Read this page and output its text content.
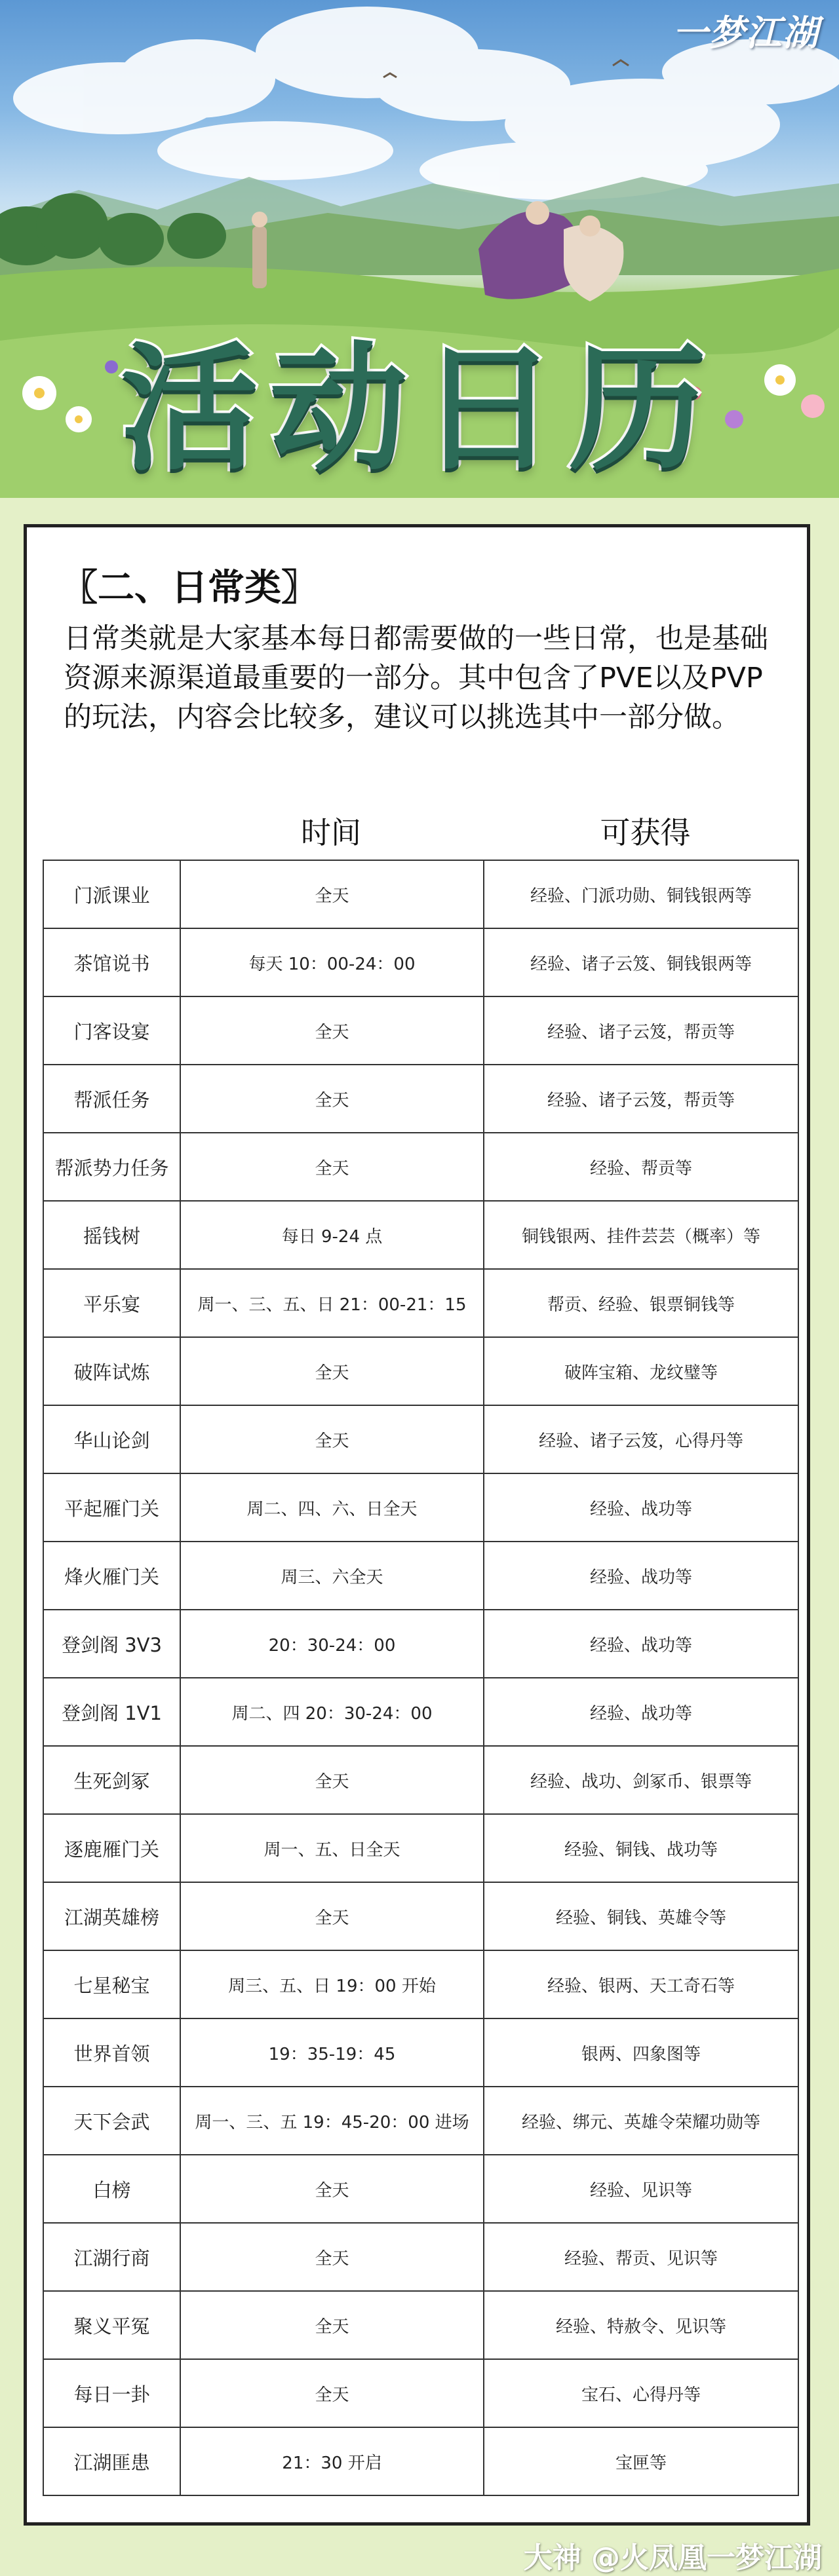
一梦江湖
活动日历
〖二、日常类〗
日常类就是大家基本每日都需要做的一些日常，也是基础资源来源渠道最重要的一部分。其中包含了PVE以及PVP的玩法，内容会比较多，建议可以挑选其中一部分做。
时间	可获得
门派课业	全天	经验、门派功勋、铜钱银两等
茶馆说书	每天 10：00-24：00	经验、诸子云笈、铜钱银两等
门客设宴	全天	经验、诸子云笈，帮贡等
帮派任务	全天	经验、诸子云笈，帮贡等
帮派势力任务	全天	经验、帮贡等
摇钱树	每日 9-24 点	铜钱银两、挂件芸芸（概率）等
平乐宴	周一、三、五、日 21：00-21：15	帮贡、经验、银票铜钱等
破阵试炼	全天	破阵宝箱、龙纹璧等
华山论剑	全天	经验、诸子云笈，心得丹等
平起雁门关	周二、四、六、日全天	经验、战功等
烽火雁门关	周三、六全天	经验、战功等
登剑阁 3V3	20：30-24：00	经验、战功等
登剑阁 1V1	周二、四 20：30-24：00	经验、战功等
生死剑冢	全天	经验、战功、剑冢币、银票等
逐鹿雁门关	周一、五、日全天	经验、铜钱、战功等
江湖英雄榜	全天	经验、铜钱、英雄令等
七星秘宝	周三、五、日 19：00 开始	经验、银两、天工奇石等
世界首领	19：35-19：45	银两、四象图等
天下会武	周一、三、五 19：45-20：00 进场	经验、绑元、英雄令荣耀功勋等
白榜	全天	经验、见识等
江湖行商	全天	经验、帮贡、见识等
聚义平冤	全天	经验、特赦令、见识等
每日一卦	全天	宝石、心得丹等
江湖匪患	21：30 开启	宝匣等
大神 @火凤凰一梦江湖
